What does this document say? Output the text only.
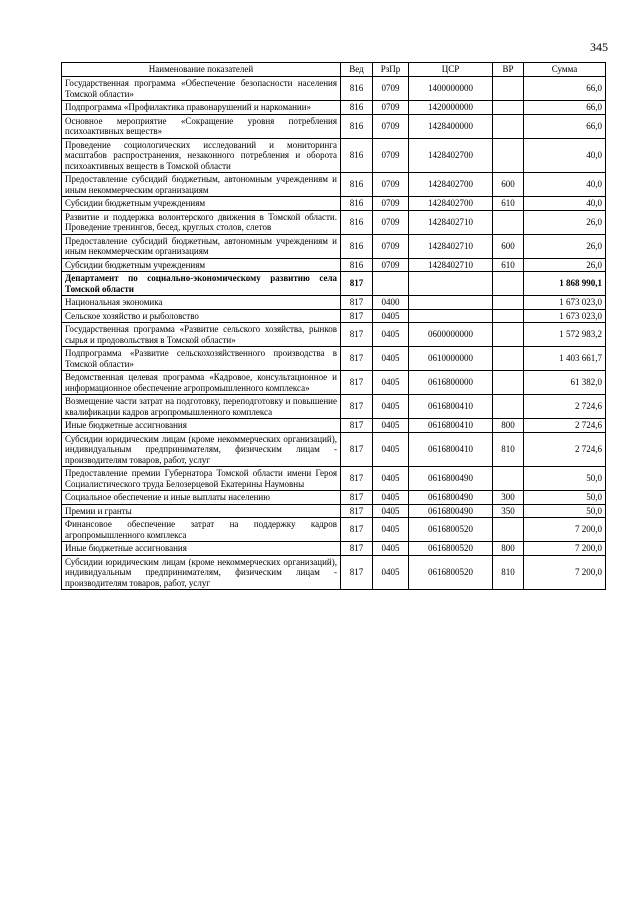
345
Наименование показателей	Вед	РзПр	ЦСР	ВР	Сумма
Государственная программа «Обеспечение безопасности населения Томской области»	816	0709	1400000000		66,0
Подпрограмма «Профилактика правонарушений и наркомании»	816	0709	1420000000		66,0
Основное мероприятие «Сокращение уровня потребления психоактивных веществ»	816	0709	1428400000		66,0
Проведение социологических исследований и мониторинга масштабов распространения, незаконного потребления и оборота психоактивных веществ в Томской области	816	0709	1428402700		40,0
Предоставление субсидий бюджетным, автономным учреждениям и иным некоммерческим организациям	816	0709	1428402700	600	40,0
Субсидии бюджетным учреждениям	816	0709	1428402700	610	40,0
Развитие и поддержка волонтерского движения в Томской области. Проведение тренингов, бесед, круглых столов, слетов	816	0709	1428402710		26,0
Предоставление субсидий бюджетным, автономным учреждениям и иным некоммерческим организациям	816	0709	1428402710	600	26,0
Субсидии бюджетным учреждениям	816	0709	1428402710	610	26,0
Департамент по социально-экономическому развитию села Томской области	817				1 868 990,1
Национальная экономика	817	0400			1 673 023,0
Сельское хозяйство и рыболовство	817	0405			1 673 023,0
Государственная программа «Развитие сельского хозяйства, рынков сырья и продовольствия в Томской области»	817	0405	0600000000		1 572 983,2
Подпрограмма «Развитие сельскохозяйственного производства в Томской области»	817	0405	0610000000		1 403 661,7
Ведомственная целевая программа «Кадровое, консультационное и информационное обеспечение агропромышленного комплекса»	817	0405	0616800000		61 382,0
Возмещение части затрат на подготовку, переподготовку и повышение квалификации кадров агропромышленного комплекса	817	0405	0616800410		2 724,6
Иные бюджетные ассигнования	817	0405	0616800410	800	2 724,6
Субсидии юридическим лицам (кроме некоммерческих организаций), индивидуальным предпринимателям, физическим лицам - производителям товаров, работ, услуг	817	0405	0616800410	810	2 724,6
Предоставление премии Губернатора Томской области имени Героя Социалистического труда Белозерцевой Екатерины Наумовны	817	0405	0616800490		50,0
Социальное обеспечение и иные выплаты населению	817	0405	0616800490	300	50,0
Премии и гранты	817	0405	0616800490	350	50,0
Финансовое обеспечение затрат на поддержку кадров агропромышленного комплекса	817	0405	0616800520		7 200,0
Иные бюджетные ассигнования	817	0405	0616800520	800	7 200,0
Субсидии юридическим лицам (кроме некоммерческих организаций), индивидуальным предпринимателям, физическим лицам - производителям товаров, работ, услуг	817	0405	0616800520	810	7 200,0
